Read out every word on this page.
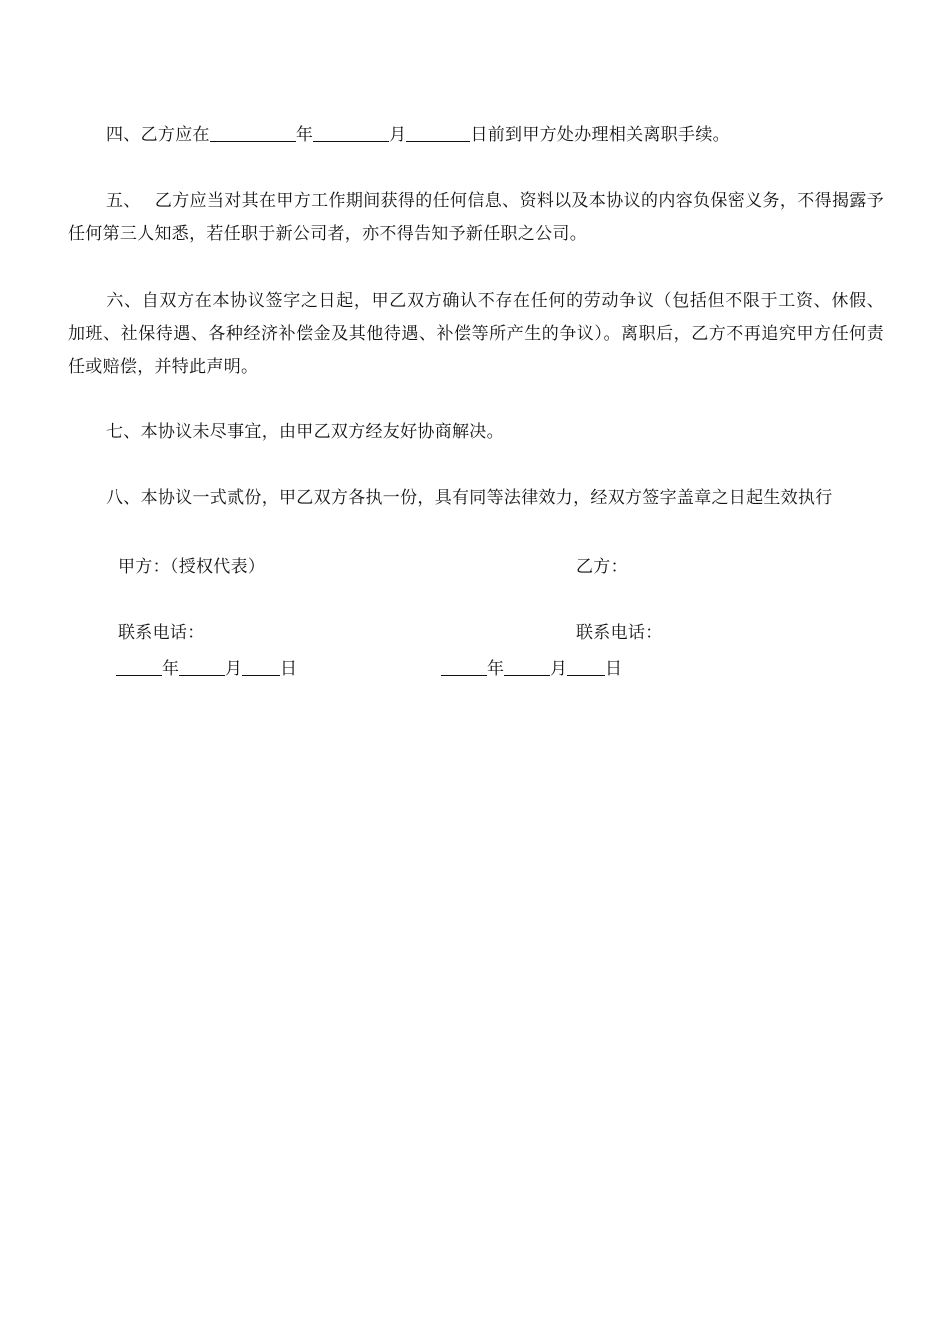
四、乙方应在	年	月	日前到甲方处办理相关离职手续。
五、 乙方应当对其在甲方工作期间获得的任何信息、资料以及本协议的内容负保密义务，不得揭露予任何第三人知悉，若任职于新公司者，亦不得告知予新任职之公司。
六、自双方在本协议签字之日起，甲乙双方确认不存在任何的劳动争议（包括但不限于工资、休假、加班、社保待遇、各种经济补偿金及其他待遇、补偿等所产生的争议）。离职后，乙方不再追究甲方任何责任或赔偿，并特此声明。
七、本协议未尽事宜，由甲乙双方经友好协商解决。
八、本协议一式贰份，甲乙双方各执一份，具有同等法律效力，经双方签字盖章之日起生效执行
甲方：（授权代表）	乙方：
联系电话：	联系电话：
年	月 日	年	月 日
